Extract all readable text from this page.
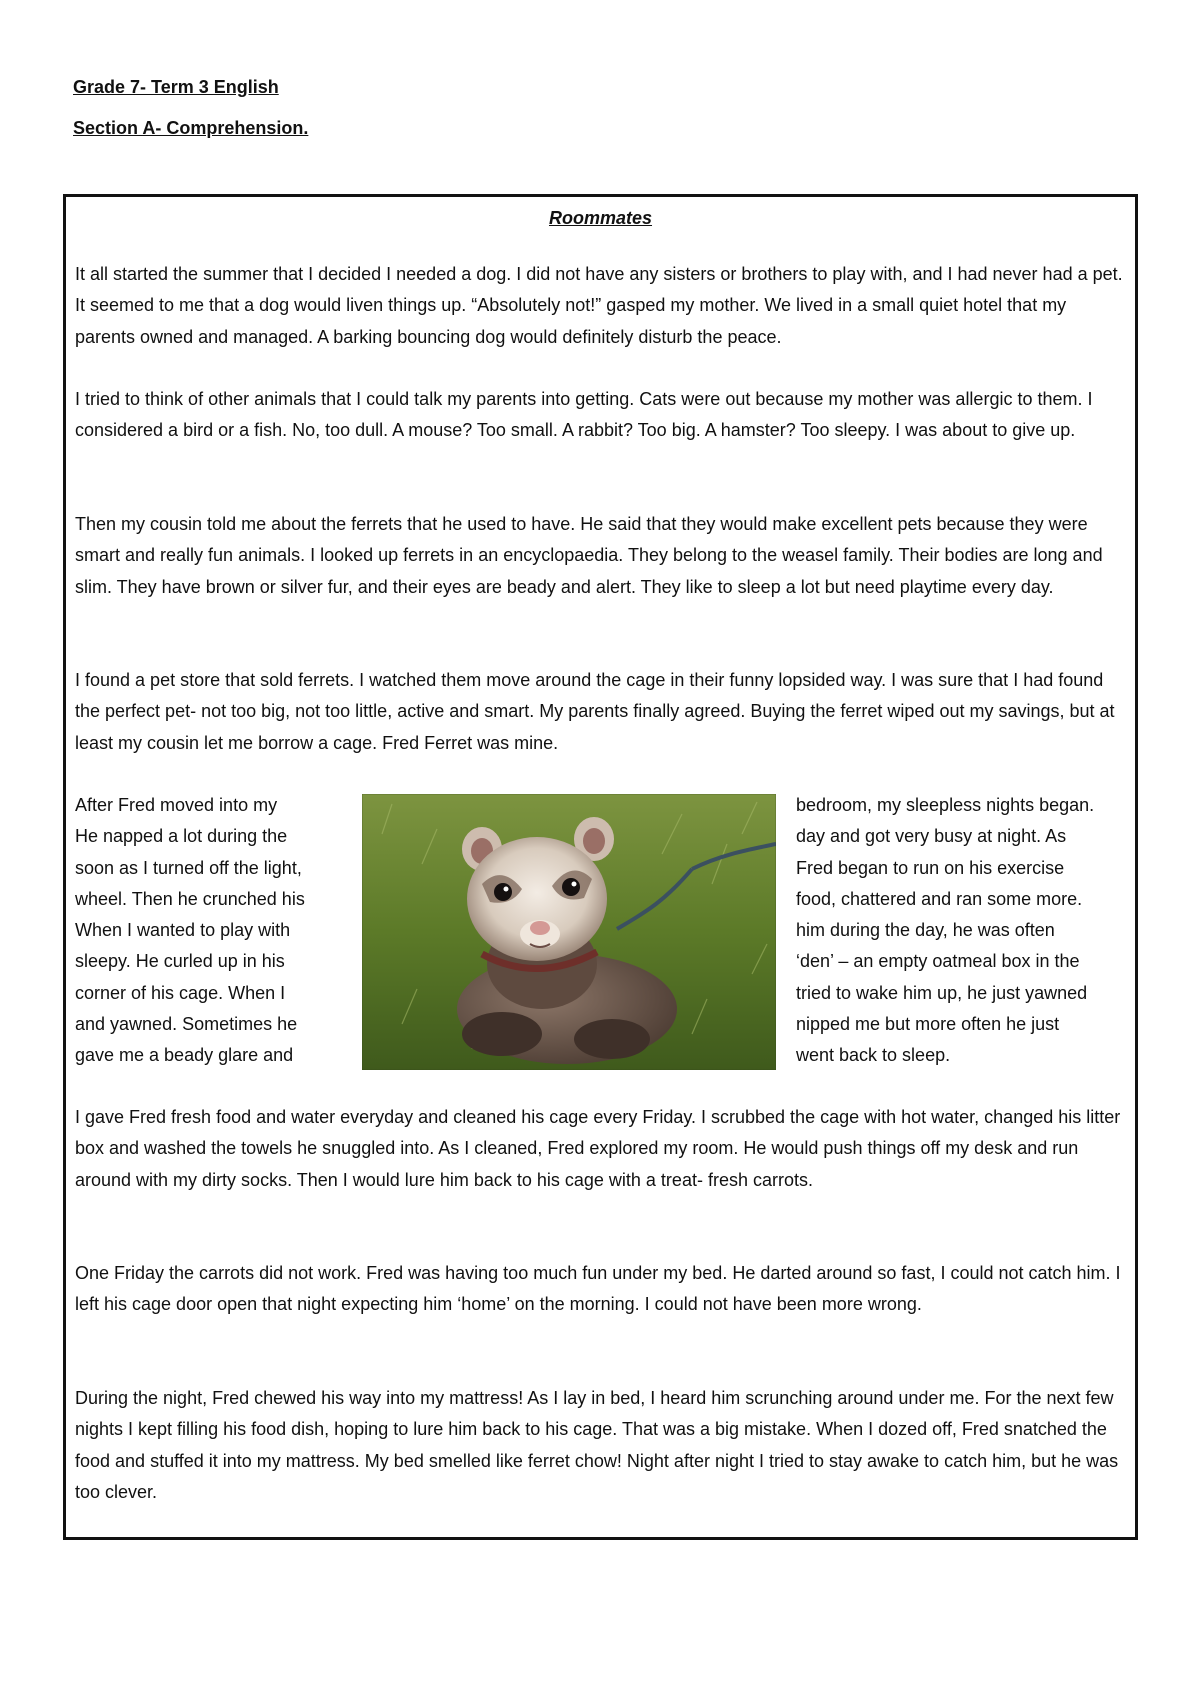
Grade 7- Term 3 English
Section A- Comprehension.
Roommates

It all started the summer that I decided I needed a dog. I did not have any sisters or brothers to play with, and I had never had a pet. It seemed to me that a dog would liven things up. “Absolutely not!” gasped my mother. We lived in a small quiet hotel that my parents owned and managed. A barking bouncing dog would definitely disturb the peace.

I tried to think of other animals that I could talk my parents into getting. Cats were out because my mother was allergic to them. I considered a bird or a fish. No, too dull. A mouse? Too small. A rabbit? Too big. A hamster? Too sleepy. I was about to give up.

Then my cousin told me about the ferrets that he used to have. He said that they would make excellent pets because they were smart and really fun animals. I looked up ferrets in an encyclopaedia. They belong to the weasel family. Their bodies are long and slim. They have brown or silver fur, and their eyes are beady and alert. They like to sleep a lot but need playtime every day.

I found a pet store that sold ferrets. I watched them move around the cage in their funny lopsided way. I was sure that I had found the perfect pet- not too big, not too little, active and smart. My parents finally agreed. Buying the ferret wiped out my savings, but at least my cousin let me borrow a cage. Fred Ferret was mine.

After Fred moved into my
He napped a lot during the
soon as I turned off the light,
wheel. Then he crunched his
When I wanted to play with
sleepy. He curled up in his
corner of his cage. When I
and yawned. Sometimes he
gave me a beady glare and
bedroom, my sleepless nights began.
day and got very busy at night. As
Fred began to run on his exercise
food, chattered and ran some more.
him during the day, he was often
‘den’ – an empty oatmeal box in the
tried to wake him up, he just yawned
nipped me but more often he just
went back to sleep.

I gave Fred fresh food and water everyday and cleaned his cage every Friday. I scrubbed the cage with hot water, changed his litter box and washed the towels he snuggled into. As I cleaned, Fred explored my room. He would push things off my desk and run around with my dirty socks. Then I would lure him back to his cage with a treat- fresh carrots.

One Friday the carrots did not work. Fred was having too much fun under my bed. He darted around so fast, I could not catch him. I left his cage door open that night expecting him ‘home’ on the morning. I could not have been more wrong.

During the night, Fred chewed his way into my mattress! As I lay in bed, I heard him scrunching around under me. For the next few nights I kept filling his food dish, hoping to lure him back to his cage. That was a big mistake. When I dozed off, Fred snatched the food and stuffed it into my mattress. My bed smelled like ferret chow! Night after night I tried to stay awake to catch him, but he was too clever.
